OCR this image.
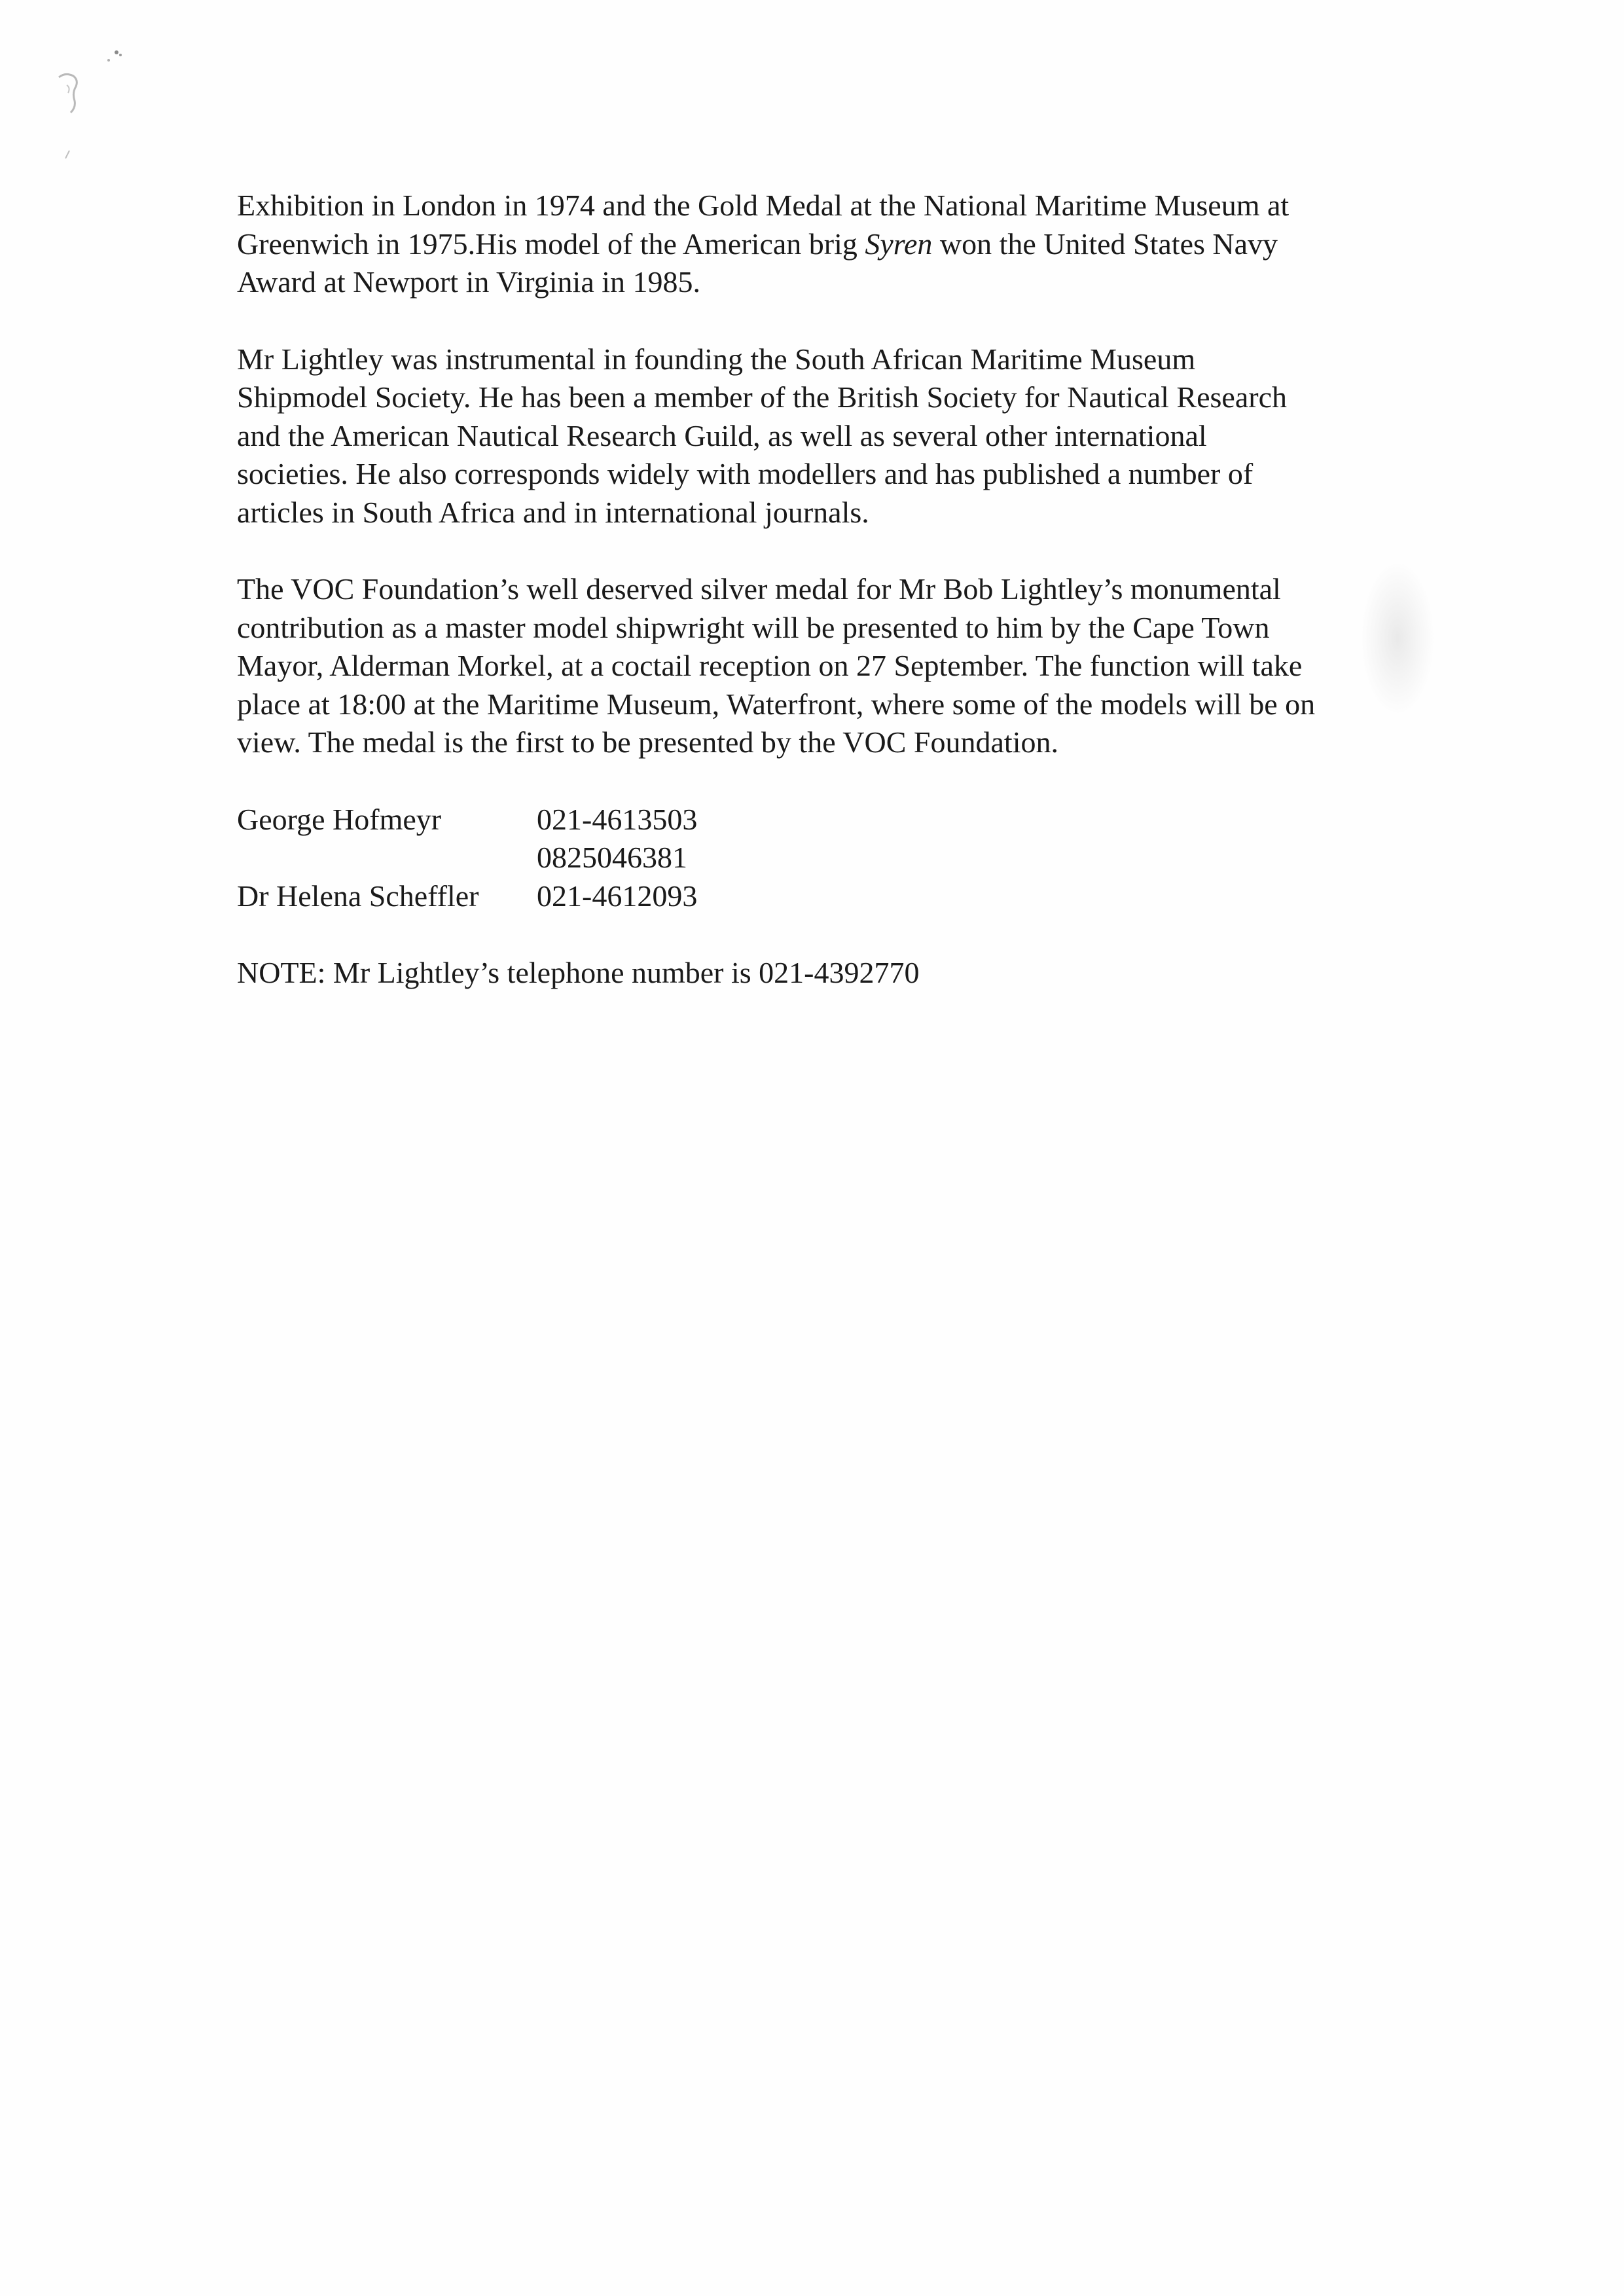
Exhibition in London in 1974 and the Gold Medal at the National Maritime Museum at
Greenwich in 1975.His model of the American brig Syren won the United States Navy
Award at Newport in Virginia in 1985.

Mr Lightley was instrumental in founding the South African Maritime Museum
Shipmodel Society. He has been a member of the British Society for Nautical Research
and the American Nautical Research Guild, as well as several other international
societies. He also corresponds widely with modellers and has published a number of
articles in South Africa and in international journals.

The VOC Foundation’s well deserved silver medal for Mr Bob Lightley’s monumental
contribution as a master model shipwright will be presented to him by the Cape Town
Mayor, Alderman Morkel, at a coctail reception on 27 September. The function will take
place at 18:00 at the Maritime Museum, Waterfront, where some of the models will be on
view. The medal is the first to be presented by the VOC Foundation.

George Hofmeyr	021-4613503
0825046381
Dr Helena Scheffler	021-4612093
NOTE: Mr Lightley’s telephone number is 021-4392770
